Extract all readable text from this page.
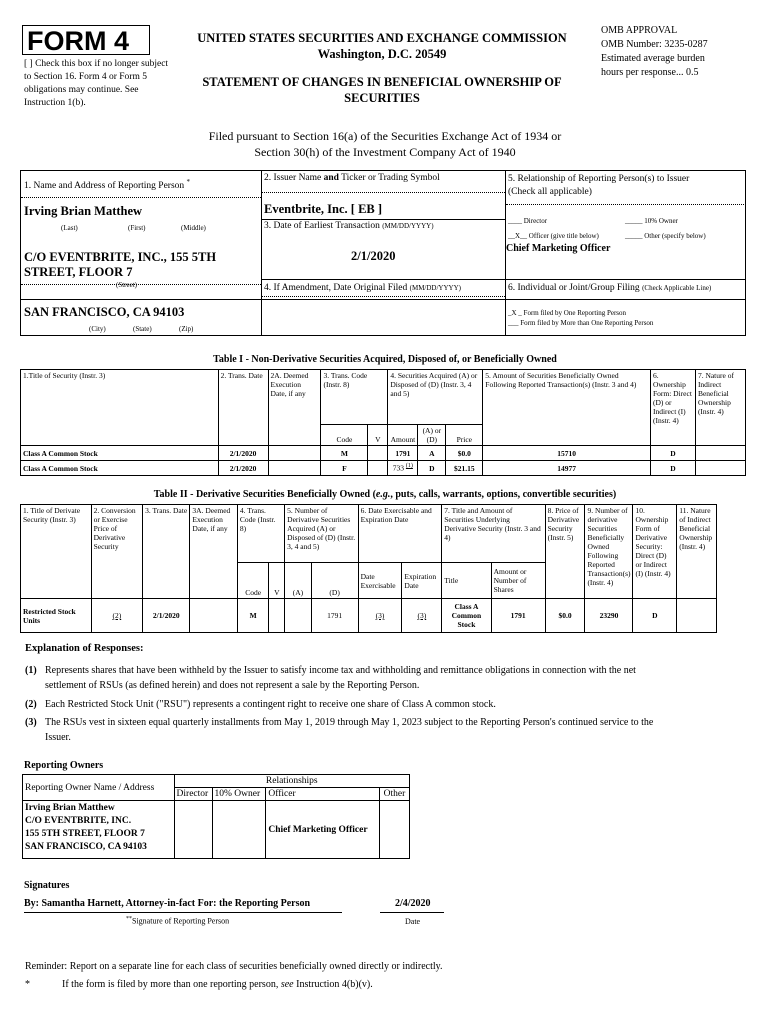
FORM 4
[ ] Check this box if no longer subject to Section 16. Form 4 or Form 5 obligations may continue. See Instruction 1(b).
UNITED STATES SECURITIES AND EXCHANGE COMMISSION
Washington, D.C. 20549
STATEMENT OF CHANGES IN BENEFICIAL OWNERSHIP OF
SECURITIES
OMB APPROVAL
OMB Number: 3235-0287
Estimated average burden
hours per response... 0.5
Filed pursuant to Section 16(a) of the Securities Exchange Act of 1934 or
Section 30(h) of the Investment Company Act of 1940
1. Name and Address of Reporting Person *
Irving Brian Matthew
(Last)	(First)	(Middle)
C/O EVENTBRITE, INC., 155 5TH
STREET, FLOOR 7
(Street)
2. Issuer Name and Ticker or Trading Symbol
Eventbrite, Inc. [ EB ]
3. Date of Earliest Transaction (MM/DD/YYYY)
2/1/2020
4. If Amendment, Date Original Filed (MM/DD/YYYY)
5. Relationship of Reporting Person(s) to Issuer
(Check all applicable)
____ Director	_____ 10% Owner
__X__ Officer (give title below)	_____ Other (specify below)
Chief Marketing Officer
6. Individual or Joint/Group Filing (Check Applicable Line)
SAN FRANCISCO, CA 94103
(City)	(State)	(Zip)
_X _ Form filed by One Reporting Person
___ Form filed by More than One Reporting Person
Table I - Non-Derivative Securities Acquired, Disposed of, or Beneficially Owned
1.Title of Security (Instr. 3)	2. Trans. Date	2A. Deemed Execution Date, if any	3. Trans. Code (Instr. 8)		4. Securities Acquired (A) or Disposed of (D) (Instr. 3, 4 and 5)			5. Amount of Securities Beneficially Owned Following Reported Transaction(s) (Instr. 3 and 4)	6. Ownership Form: Direct (D) or Indirect (I) (Instr. 4)	7. Nature of Indirect Beneficial Ownership (Instr. 4)
			Code	V	Amount	(A) or (D)	Price			
Class A Common Stock	2/1/2020		M		1791	A	$0.0	15710	D	
Class A Common Stock	2/1/2020		F		733 $^{(1)}$	D	$21.15	14977	D	
Table II - Derivative Securities Beneficially Owned (e.g., puts, calls, warrants, options, convertible securities)
1. Title of Derivate Security (Instr. 3)	2. Conversion or Exercise Price of Derivative Security	3. Trans. Date	3A. Deemed Execution Date, if any	4. Trans. Code (Instr. 8)		5. Number of Derivative Securities Acquired (A) or Disposed of (D) (Instr. 3, 4 and 5)		6. Date Exercisable and Expiration Date		7. Title and Amount of Securities Underlying Derivative Security (Instr. 3 and 4)		8. Price of Derivative Security (Instr. 5)	9. Number of derivative Securities Beneficially Owned Following Reported Transaction(s) (Instr. 4)	10. Ownership Form of Derivative Security: Direct (D) or Indirect (I) (Instr. 4)	11. Nature of Indirect Beneficial Ownership (Instr. 4)
				Code	V	(A)	(D)	Date Exercisable	Expiration Date	Title	Amount or Number of Shares				
Restricted Stock Units	(2)	2/1/2020		M			1791	(3)	(3)	Class A Common Stock	1791	$0.0	23290	D	
Explanation of Responses:
(1) Represents shares that have been withheld by the Issuer to satisfy income tax and withholding and remittance obligations in connection with the net
settlement of RSUs (as defined herein) and does not represent a sale by the Reporting Person.
(2) Each Restricted Stock Unit ("RSU") represents a contingent right to receive one share of Class A common stock.
(3) The RSUs vest in sixteen equal quarterly installments from May 1, 2019 through May 1, 2023 subject to the Reporting Person's continued service to the
Issuer.
Reporting Owners
Reporting Owner Name / Address	Relationships			
	Director	10% Owner	Officer	Other

Irving Brian Matthew
C/O EVENTBRITE, INC.
155 5TH STREET, FLOOR 7
SAN FRANCISCO, CA 94103			Chief Marketing Officer	
Signatures
By: Samantha Harnett, Attorney-in-fact For: the Reporting Person	2/4/2020
**Signature of Reporting Person	Date
Reminder: Report on a separate line for each class of securities beneficially owned directly or indirectly.
*	If the form is filed by more than one reporting person, see Instruction 4(b)(v).
